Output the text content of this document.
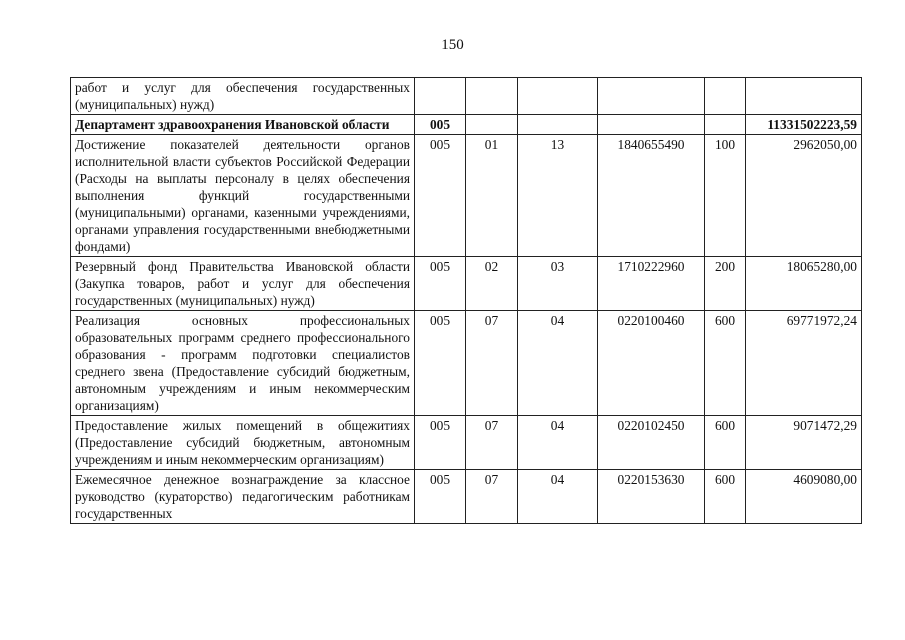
150
работ и услуг для обеспечения государственных (муниципальных) нужд)						
Департамент здравоохранения Ивановской области	005					11331502223,59
Достижение показателей деятельности органов исполнительной власти субъектов Российской Федерации (Расходы на выплаты персоналу в целях обеспечения выполнения функций государственными (муниципальными) органами, казенными учреждениями, органами управления государственными внебюджетными фондами)	005	01	13	1840655490	100	2962050,00
Резервный фонд Правительства Ивановской области (Закупка товаров, работ и услуг для обеспечения государственных (муниципальных) нужд)	005	02	03	1710222960	200	18065280,00
Реализация основных профессиональных образовательных программ среднего профессионального образования - программ подготовки специалистов среднего звена (Предоставление субсидий бюджетным, автономным учреждениям и иным некоммерческим организациям)	005	07	04	0220100460	600	69771972,24
Предоставление жилых помещений в общежитиях (Предоставление субсидий бюджетным, автономным учреждениям и иным некоммерческим организациям)	005	07	04	0220102450	600	9071472,29
Ежемесячное денежное вознаграждение за классное руководство (кураторство) педагогическим работникам государственных	005	07	04	0220153630	600	4609080,00
